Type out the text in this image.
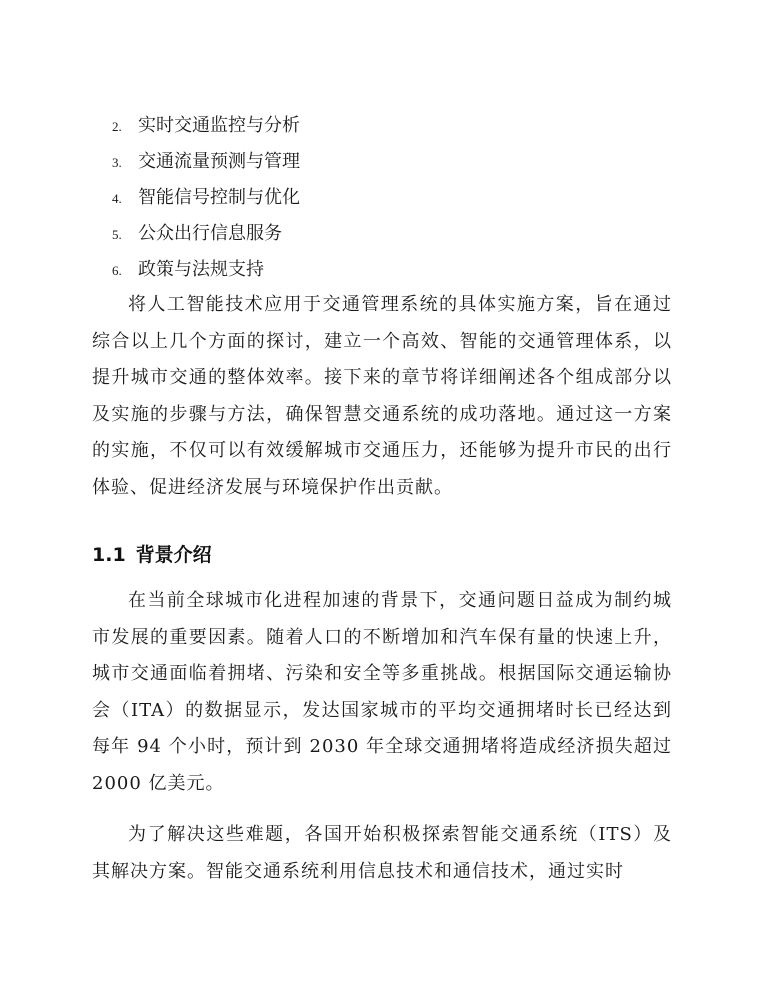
2. 实时交通监控与分析
3. 交通流量预测与管理
4. 智能信号控制与优化
5. 公众出行信息服务
6. 政策与法规支持

将人工智能技术应用于交通管理系统的具体实施方案，旨在通过综合以上几个方面的探讨，建立一个高效、智能的交通管理体系，以提升城市交通的整体效率。接下来的章节将详细阐述各个组成部分以及实施的步骤与方法，确保智慧交通系统的成功落地。通过这一方案的实施，不仅可以有效缓解城市交通压力，还能够为提升市民的出行体验、促进经济发展与环境保护作出贡献。

1.1 背景介绍

在当前全球城市化进程加速的背景下，交通问题日益成为制约城市发展的重要因素。随着人口的不断增加和汽车保有量的快速上升，城市交通面临着拥堵、污染和安全等多重挑战。根据国际交通运输协会（ITA）的数据显示，发达国家城市的平均交通拥堵时长已经达到每年 94 个小时，预计到 2030 年全球交通拥堵将造成经济损失超过 2000 亿美元。

为了解决这些难题，各国开始积极探索智能交通系统（ITS）及其解决方案。智能交通系统利用信息技术和通信技术，通过实时
